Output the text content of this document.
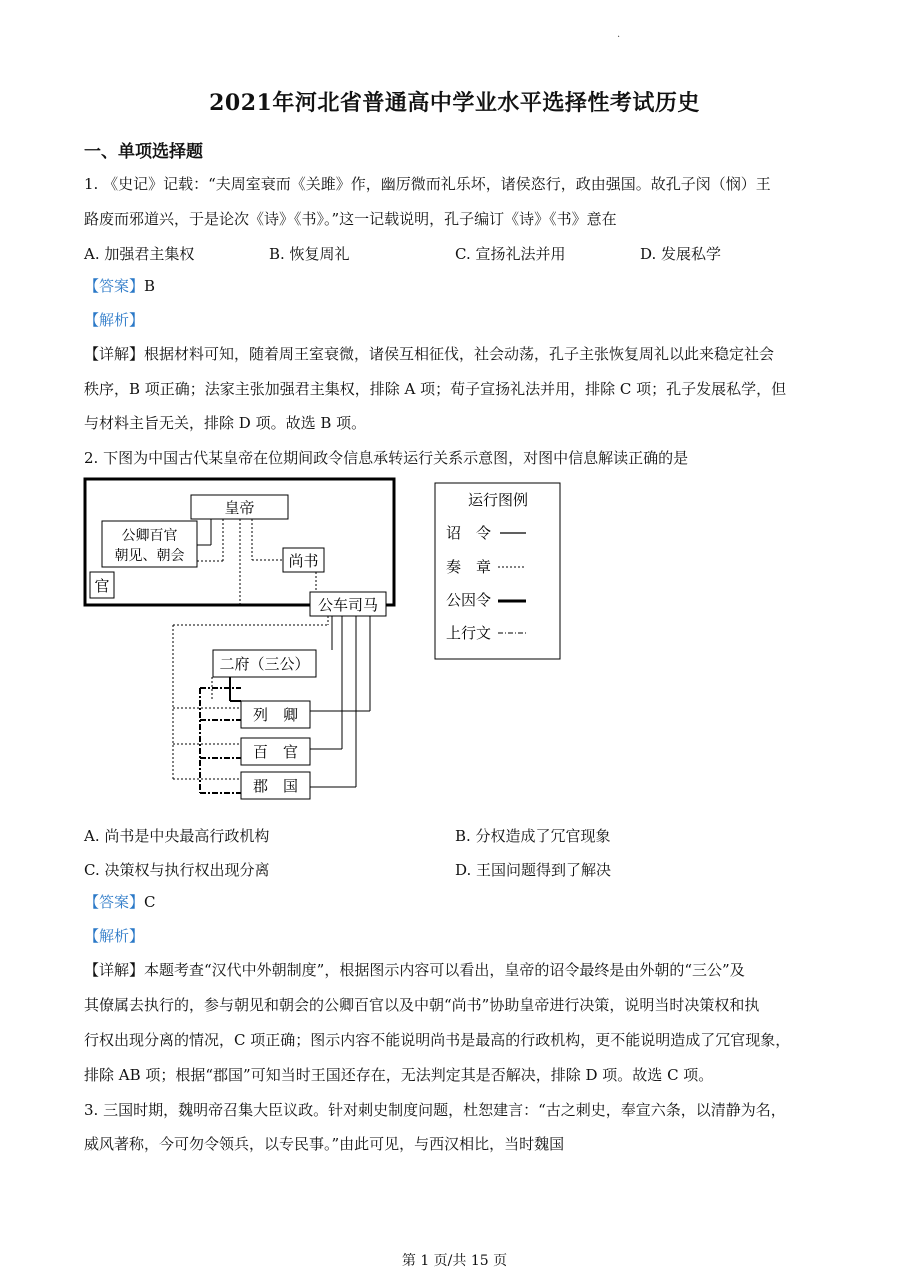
·
2021年河北省普通高中学业水平选择性考试历史
一、单项选择题
1. 《史记》记载：“夫周室衰而《关雎》作，幽厉微而礼乐坏，诸侯恣行，政由强国。故孔子闵（悯）王
路废而邪道兴，于是论次《诗》《书》。”这一记载说明，孔子编订《诗》《书》意在
A. 加强君主集权	B. 恢复周礼	C. 宣扬礼法并用	D. 发展私学
【答案】B
【解析】
【详解】根据材料可知，随着周王室衰微，诸侯互相征伐，社会动荡，孔子主张恢复周礼以此来稳定社会
秩序，B 项正确；法家主张加强君主集权，排除 A 项；荀子宣扬礼法并用，排除 C 项；孔子发展私学，但
与材料主旨无关，排除 D 项。故选 B 项。
2. 下图为中国古代某皇帝在位期间政令信息承转运行关系示意图，对图中信息解读正确的是
皇帝
公卿百官
朝见、朝会	尚书
官
公车司马
二府（三公）
列　卿
百　官
郡　国
运行图例
诏　令
奏　章
公因令
上行文
A. 尚书是中央最高行政机构	B. 分权造成了冗官现象
C. 决策权与执行权出现分离	D. 王国问题得到了解决
【答案】C
【解析】
【详解】本题考查“汉代中外朝制度”，根据图示内容可以看出，皇帝的诏令最终是由外朝的“三公”及
其僚属去执行的，参与朝见和朝会的公卿百官以及中朝“尚书”协助皇帝进行决策，说明当时决策权和执
行权出现分离的情况，C 项正确；图示内容不能说明尚书是最高的行政机构，更不能说明造成了冗官现象，
排除 AB 项；根据“郡国”可知当时王国还存在，无法判定其是否解决，排除 D 项。故选 C 项。
3. 三国时期，魏明帝召集大臣议政。针对刺史制度问题，杜恕建言：“古之刺史，奉宣六条，以清静为名，
威风著称，今可勿令领兵，以专民事。”由此可见，与西汉相比，当时魏国
第 1 页/共 15 页
